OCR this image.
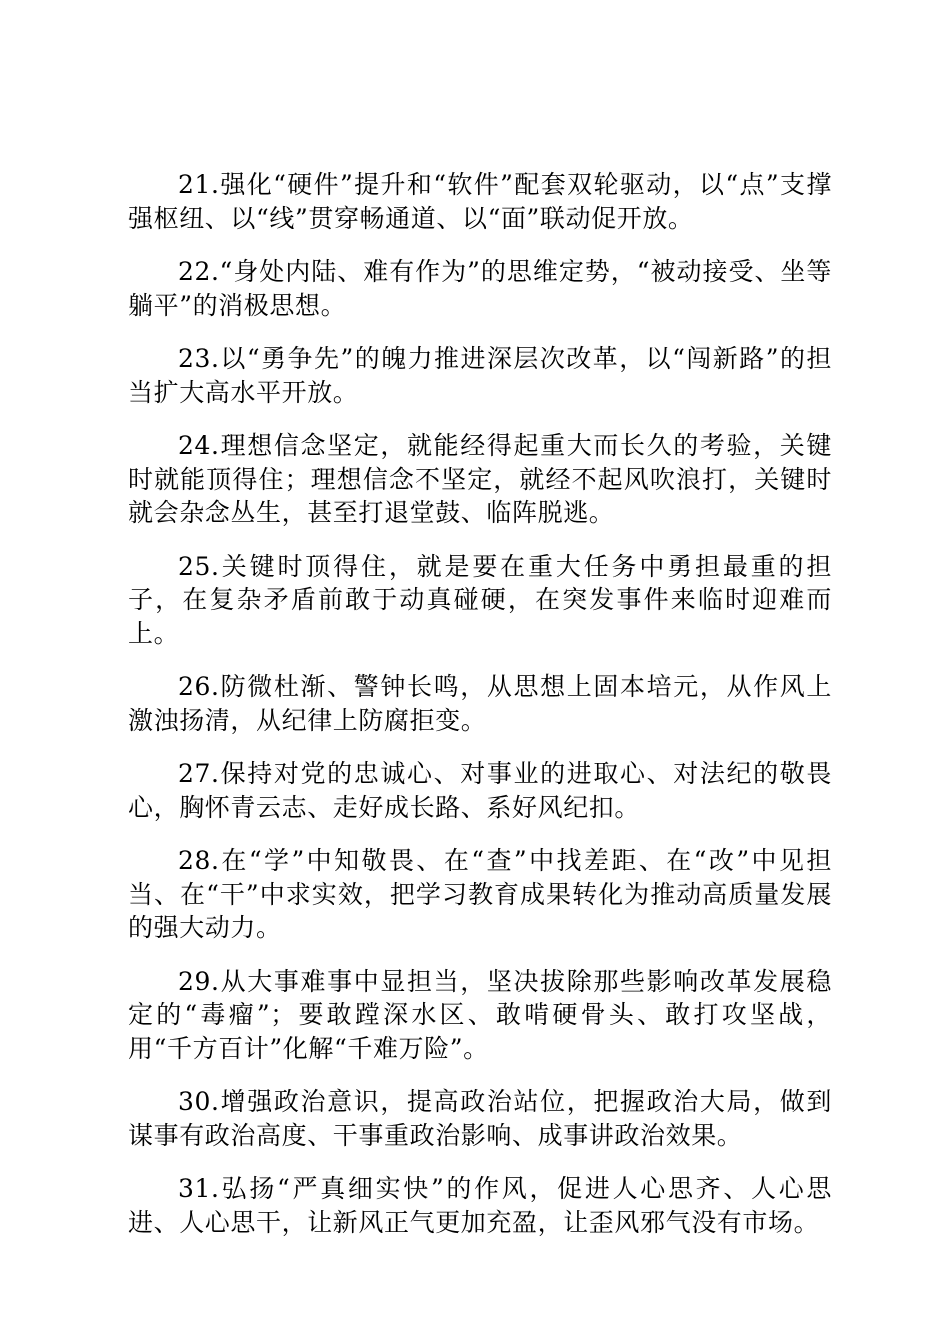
21.强化“硬件”提升和“软件”配套双轮驱动，以“点”支撑强枢纽、以“线”贯穿畅通道、以“面”联动促开放。

22.“身处内陆、难有作为”的思维定势，“被动接受、坐等躺平”的消极思想。

23.以“勇争先”的魄力推进深层次改革，以“闯新路”的担当扩大高水平开放。

24.理想信念坚定，就能经得起重大而长久的考验，关键时就能顶得住；理想信念不坚定，就经不起风吹浪打，关键时就会杂念丛生，甚至打退堂鼓、临阵脱逃。

25.关键时顶得住，就是要在重大任务中勇担最重的担子，在复杂矛盾前敢于动真碰硬，在突发事件来临时迎难而上。

26.防微杜渐、警钟长鸣，从思想上固本培元，从作风上激浊扬清，从纪律上防腐拒变。

27.保持对党的忠诚心、对事业的进取心、对法纪的敬畏心，胸怀青云志、走好成长路、系好风纪扣。

28.在“学”中知敬畏、在“查”中找差距、在“改”中见担当、在“干”中求实效，把学习教育成果转化为推动高质量发展的强大动力。

29.从大事难事中显担当，坚决拔除那些影响改革发展稳定的“毒瘤”；要敢蹚深水区、敢啃硬骨头、敢打攻坚战，用“千方百计”化解“千难万险”。

30.增强政治意识，提高政治站位，把握政治大局，做到谋事有政治高度、干事重政治影响、成事讲政治效果。

31.弘扬“严真细实快”的作风，促进人心思齐、人心思进、人心思干，让新风正气更加充盈，让歪风邪气没有市场。
